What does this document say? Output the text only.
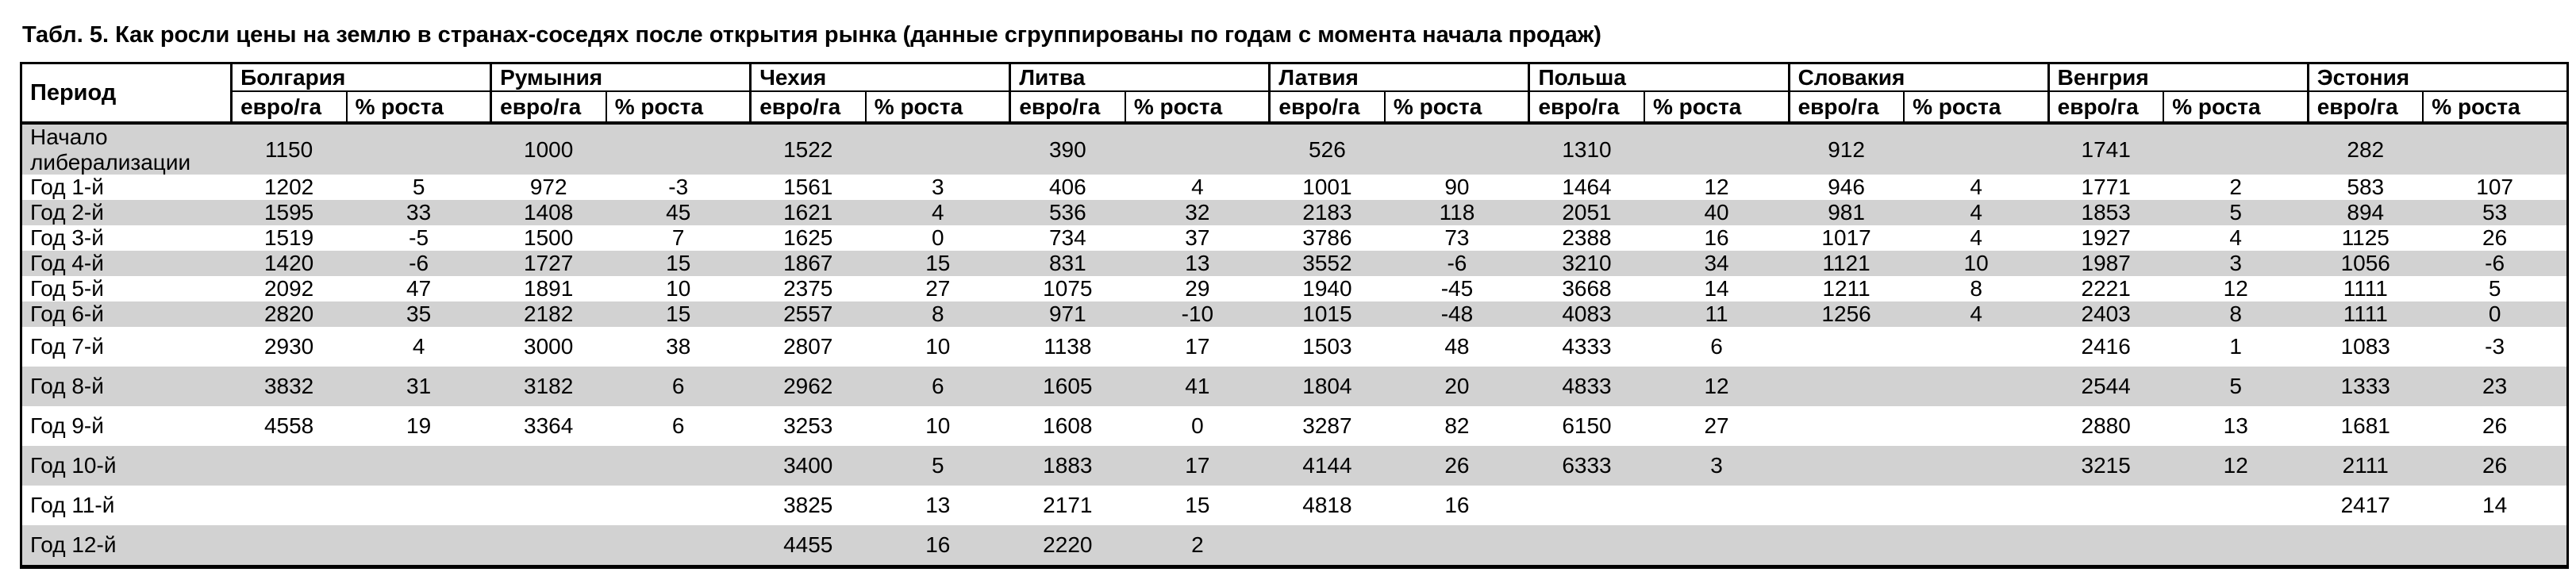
Табл. 5. Как росли цены на землю в странах-соседях после открытия рынка (данные сгруппированы по годам с момента начала продаж)
Период	Болгария		Румыния		Чехия		Литва		Латвия		Польша		Словакия		Венгрия		Эстония	
	евро/га	% роста	евро/га	% роста	евро/га	% роста	евро/га	% роста	евро/га	% роста	евро/га	% роста	евро/га	% роста	евро/га	% роста	евро/га	% роста
Начало либерализации	1150		1000		1522		390		526		1310		912		1741		282	
Год 1-й	1202	5	972	-3	1561	3	406	4	1001	90	1464	12	946	4	1771	2	583	107
Год 2-й	1595	33	1408	45	1621	4	536	32	2183	118	2051	40	981	4	1853	5	894	53
Год 3-й	1519	-5	1500	7	1625	0	734	37	3786	73	2388	16	1017	4	1927	4	1125	26
Год 4-й	1420	-6	1727	15	1867	15	831	13	3552	-6	3210	34	1121	10	1987	3	1056	-6
Год 5-й	2092	47	1891	10	2375	27	1075	29	1940	-45	3668	14	1211	8	2221	12	1111	5
Год 6-й	2820	35	2182	15	2557	8	971	-10	1015	-48	4083	11	1256	4	2403	8	1111	0
Год 7-й	2930	4	3000	38	2807	10	1138	17	1503	48	4333	6			2416	1	1083	-3
Год 8-й	3832	31	3182	6	2962	6	1605	41	1804	20	4833	12			2544	5	1333	23
Год 9-й	4558	19	3364	6	3253	10	1608	0	3287	82	6150	27			2880	13	1681	26
Год 10-й					3400	5	1883	17	4144	26	6333	3			3215	12	2111	26
Год 11-й					3825	13	2171	15	4818	16							2417	14
Год 12-й					4455	16	2220	2										
